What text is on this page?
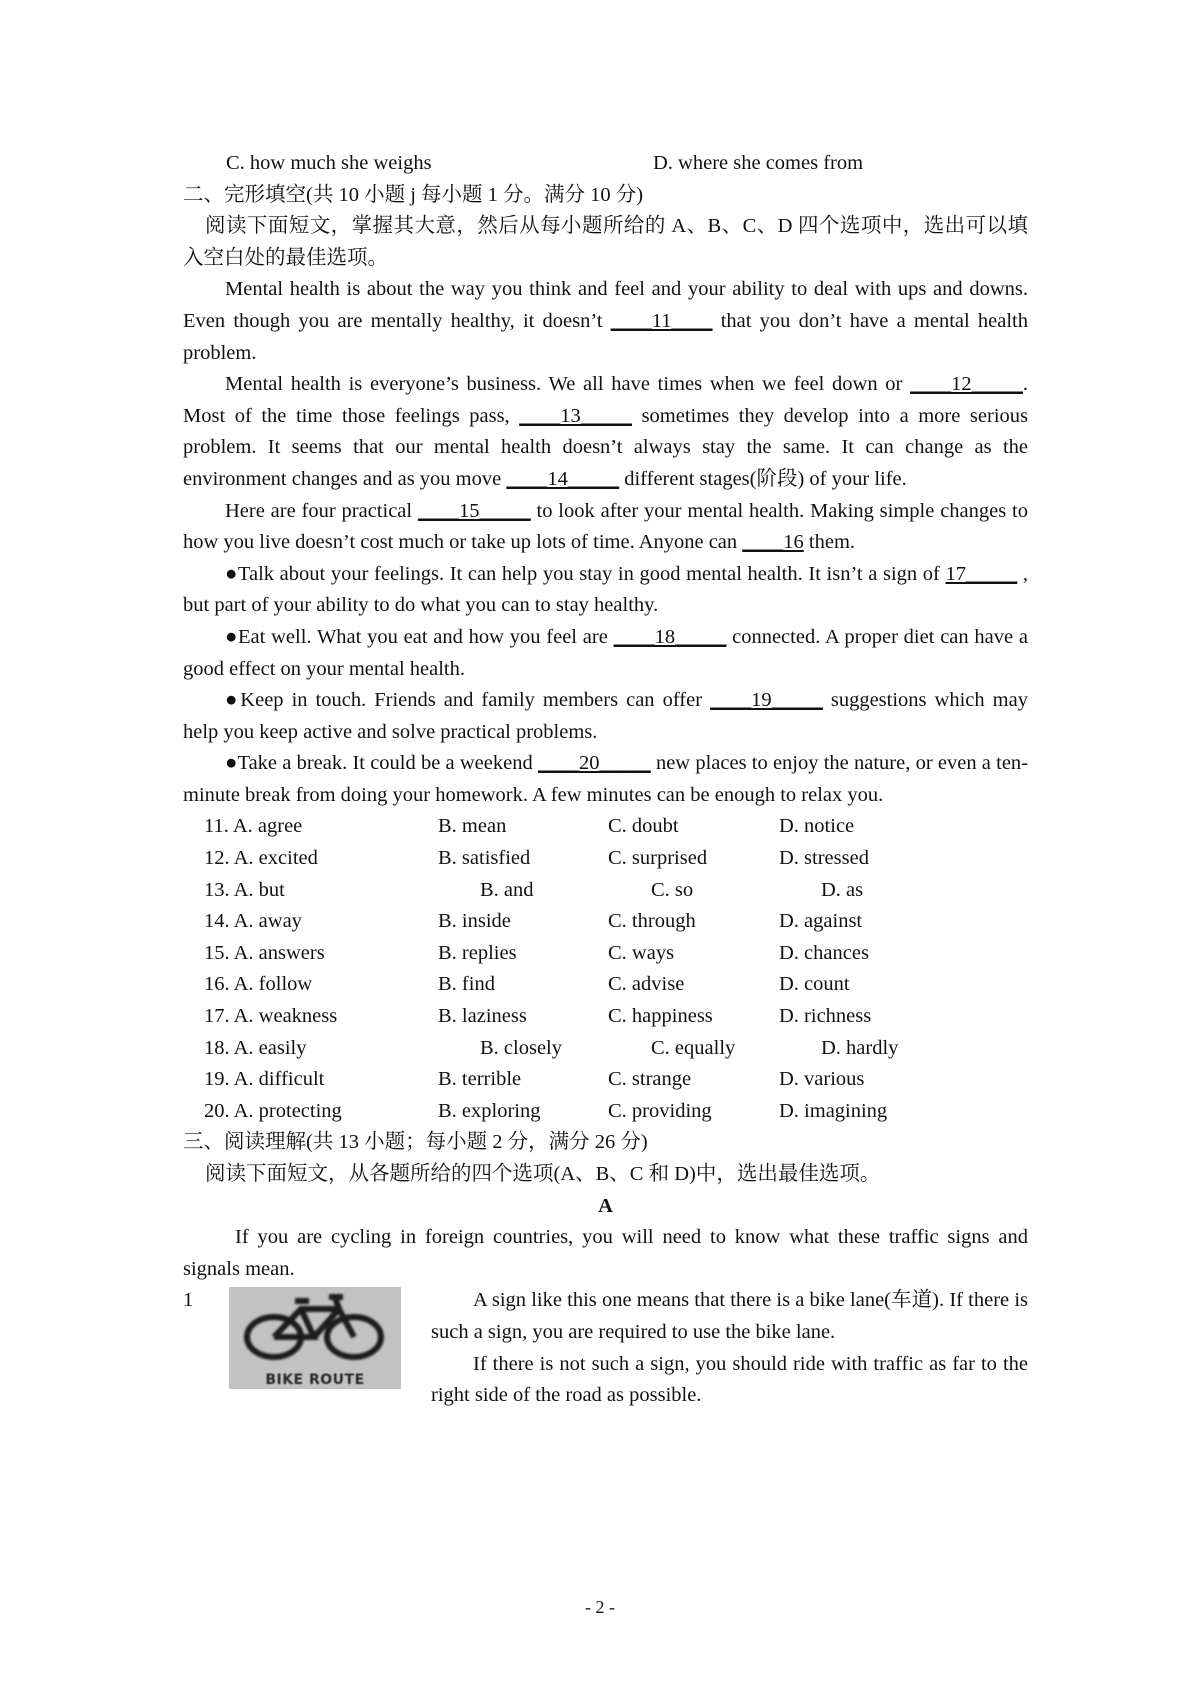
C. how much she weighs	D. where she comes from

二、完形填空(共 10 小题 j 每小题 1 分。满分 10 分)

阅读下面短文，掌握其大意，然后从每小题所给的 A、B、C、D 四个选项中，选出可以填入空白处的最佳选项。

Mental health is about the way you think and feel and your ability to deal with ups and downs. Even though you are mentally healthy, it doesn’t ____11____ that you don’t have a mental health problem.

Mental health is everyone’s business. We all have times when we feel down or ____12_____. Most of the time those feelings pass, ____13_____ sometimes they develop into a more serious problem. It seems that our mental health doesn’t always stay the same. It can change as the environment changes and as you move ____14_____ different stages(阶段) of your life.

Here are four practical ____15_____ to look after your mental health. Making simple changes to how you live doesn’t cost much or take up lots of time. Anyone can ____16 them.

●Talk about your feelings. It can help you stay in good mental health. It isn’t a sign of 17_____ , but part of your ability to do what you can to stay healthy.

●Eat well. What you eat and how you feel are ____18_____ connected. A proper diet can have a good effect on your mental health.

●Keep in touch. Friends and family members can offer ____19_____ suggestions which may help you keep active and solve practical problems.

●Take a break. It could be a weekend ____20_____ new places to enjoy the nature, or even a ten-minute break from doing your homework. A few minutes can be enough to relax you.

11. A. agree	B. mean	C. doubt	D. notice
12. A. excited	B. satisfied	C. surprised	D. stressed
13. A. but	B. and	C. so	D. as
14. A. away	B. inside	C. through	D. against
15. A. answers	B. replies	C. ways	D. chances
16. A. follow	B. find	C. advise	D. count
17. A. weakness	B. laziness	C. happiness	D. richness
18. A. easily	B. closely	C. equally	D. hardly
19. A. difficult	B. terrible	C. strange	D. various
20. A. protecting	B. exploring	C. providing	D. imagining

三、阅读理解(共 13 小题；每小题 2 分，满分 26 分)

阅读下面短文，从各题所给的四个选项(A、B、C 和 D)中，选出最佳选项。

A

If you are cycling in foreign countries, you will need to know what these traffic signs and signals mean.

1
BIKE ROUTE

A sign like this one means that there is a bike lane(车道). If there is such a sign, you are required to use the bike lane.

If there is not such a sign, you should ride with traffic as far to the right side of the road as possible.

- 2 -
